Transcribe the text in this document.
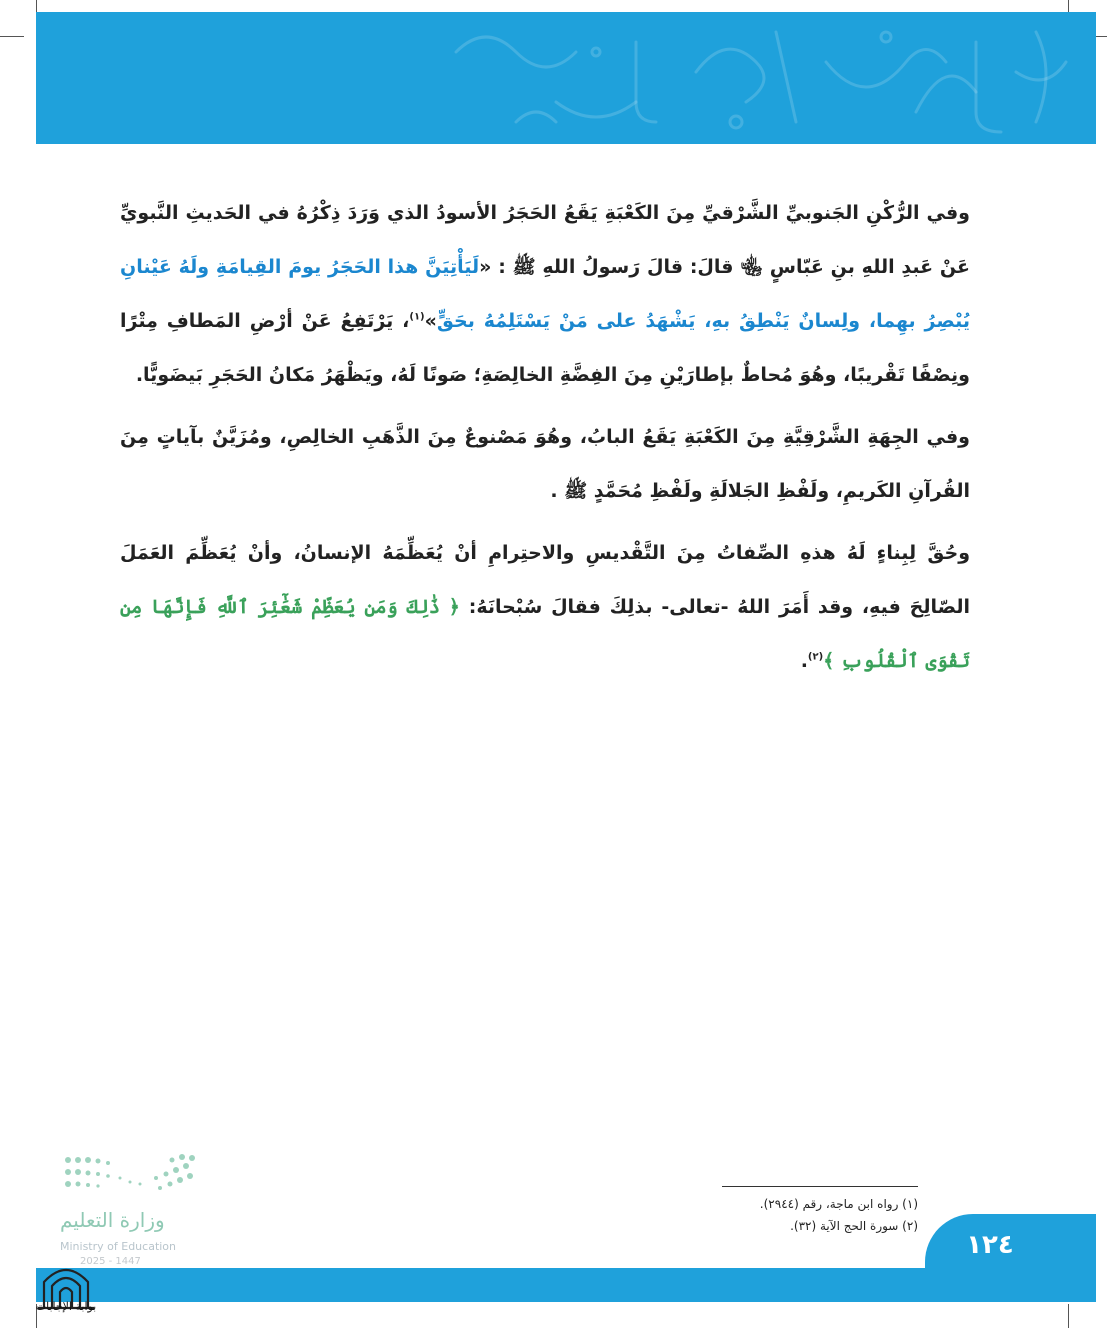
وفي الرُّكْنِ الجَنوبيِّ الشَّرْقيِّ مِنَ الكَعْبَةِ يَقَعُ الحَجَرُ الأسودُ الذي وَرَدَ ذِكْرُهُ في الحَديثِ النَّبويِّ عَنْ عَبدِ اللهِ بنِ عَبّاسٍ ﵄ قالَ: قالَ رَسولُ اللهِ ﷺ : «لَيَأْتِيَنَّ هذا الحَجَرُ يومَ القِيامَةِ ولَهُ عَيْنانِ يُبْصِرُ بهِما، ولِسانٌ يَنْطِقُ بهِ، يَشْهَدُ على مَنْ يَسْتَلِمُهُ بحَقٍّ»$^{(١)}$، يَرْتَفِعُ عَنْ أرْضِ المَطافِ مِتْرًا ونِصْفًا تَقْريبًا، وهُوَ مُحاطٌ بإطارَيْنِ مِنَ الفِضَّةِ الخالِصَةِ؛ صَونًا لَهُ، ويَظْهَرُ مَكانُ الحَجَرِ بَيضَويًّا.

وفي الجِهَةِ الشَّرْقِيَّةِ مِنَ الكَعْبَةِ يَقَعُ البابُ، وهُوَ مَصْنوعٌ مِنَ الذَّهَبِ الخالِصِ، ومُزَيَّنٌ بآياتٍ مِنَ القُرآنِ الكَريمِ، ولَفْظِ الجَلالَةِ ولَفْظِ مُحَمَّدٍ ﷺ .

وحُقَّ لِبِناءٍ لَهُ هذهِ الصِّفاتُ مِنَ التَّقْديسِ والاحتِرامِ أنْ يُعَظِّمَهُ الإنسانُ، وأنْ يُعَظِّمَ العَمَلَ الصّالِحَ فيهِ، وقد أَمَرَ اللهُ -تعالى- بذلِكَ فقالَ سُبْحانَهُ: ﴿ ذَٰلِكَ وَمَن يُعَظِّمْ شَعَٰٓئِرَ ٱللَّهِ فَإِنَّهَا مِن تَقْوَى ٱلْقُلُوبِ ﴾$^{(٢)}$.

(١) رواه ابن ماجة، رقم (٢٩٤٤).
(٢) سورة الحج الآية (٣٢).
١٢٤
وزارة التعليم
Ministry of Education
2025 - 1447
بوابة الإجابات
